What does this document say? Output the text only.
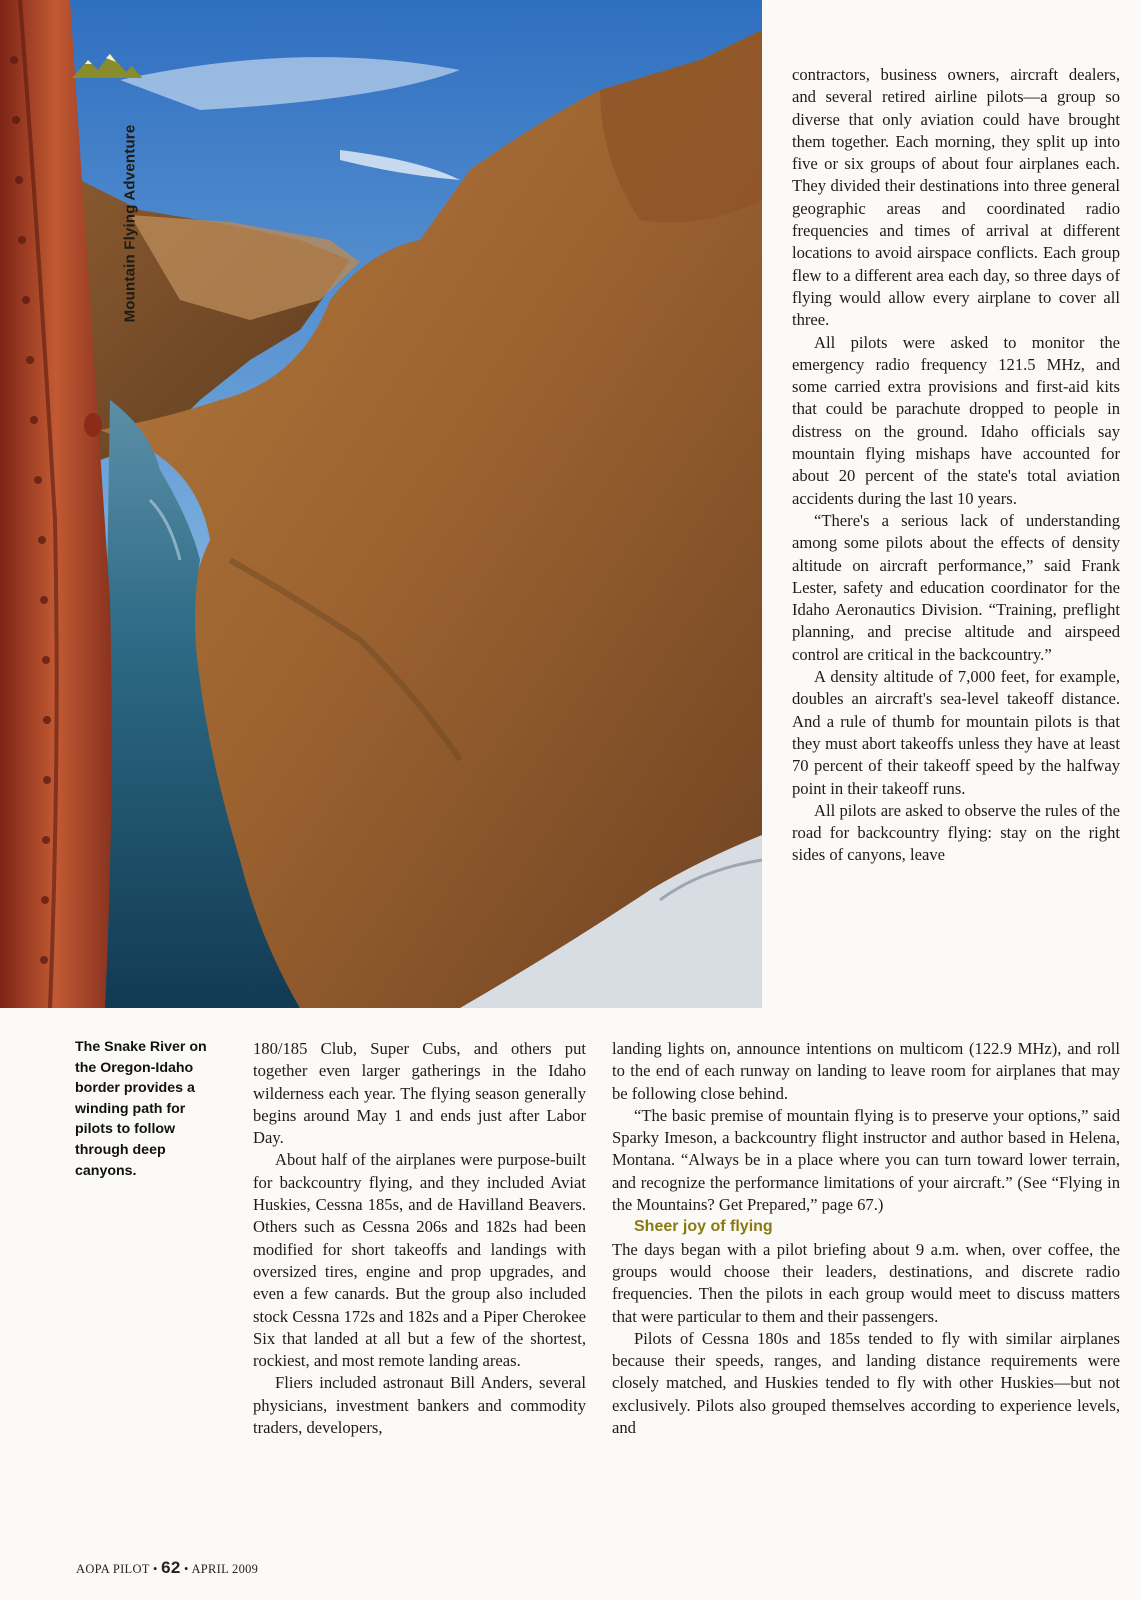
Mountain Flying Adventure
The Snake River on the Oregon-Idaho border provides a winding path for pilots to follow through deep canyons.

contractors, business owners, aircraft dealers, and several retired airline pilots—a group so diverse that only aviation could have brought them together. Each morning, they split up into five or six groups of about four airplanes each. They divided their destinations into three general geographic areas and coordinated radio frequencies and times of arrival at different locations to avoid airspace conflicts. Each group flew to a different area each day, so three days of flying would allow every airplane to cover all three.

All pilots were asked to monitor the emergency radio frequency 121.5 MHz, and some carried extra provisions and first-aid kits that could be parachute dropped to people in distress on the ground. Idaho officials say mountain flying mishaps have accounted for about 20 percent of the state's total aviation accidents during the last 10 years.

“There's a serious lack of understanding among some pilots about the effects of density altitude on aircraft performance,” said Frank Lester, safety and education coordinator for the Idaho Aeronautics Division. “Training, preflight planning, and precise altitude and airspeed control are critical in the backcountry.”

A density altitude of 7,000 feet, for example, doubles an aircraft's sea-level takeoff distance. And a rule of thumb for mountain pilots is that they must abort takeoffs unless they have at least 70 percent of their takeoff speed by the halfway point in their takeoff runs.

All pilots are asked to observe the rules of the road for backcountry flying: stay on the right sides of canyons, leave

180/185 Club, Super Cubs, and others put together even larger gatherings in the Idaho wilderness each year. The flying season generally begins around May 1 and ends just after Labor Day.

About half of the airplanes were purpose-built for backcountry flying, and they included Aviat Huskies, Cessna 185s, and de Havilland Beavers. Others such as Cessna 206s and 182s had been modified for short takeoffs and landings with oversized tires, engine and prop upgrades, and even a few canards. But the group also included stock Cessna 172s and 182s and a Piper Cherokee Six that landed at all but a few of the shortest, rockiest, and most remote landing areas.

Fliers included astronaut Bill Anders, several physicians, investment bankers and commodity traders, developers,

landing lights on, announce intentions on multicom (122.9 MHz), and roll to the end of each runway on landing to leave room for airplanes that may be following close behind.

“The basic premise of mountain flying is to preserve your options,” said Sparky Imeson, a backcountry flight instructor and author based in Helena, Montana. “Always be in a place where you can turn toward lower terrain, and recognize the performance limitations of your aircraft.” (See “Flying in the Mountains? Get Prepared,” page 67.)

Sheer joy of flying

The days began with a pilot briefing about 9 a.m. when, over coffee, the groups would choose their leaders, destinations, and discrete radio frequencies. Then the pilots in each group would meet to discuss matters that were particular to them and their passengers.

Pilots of Cessna 180s and 185s tended to fly with similar airplanes because their speeds, ranges, and landing distance requirements were closely matched, and Huskies tended to fly with other Huskies—but not exclusively. Pilots also grouped themselves according to experience levels, and

AOPA PILOT • 62 • APRIL 2009
